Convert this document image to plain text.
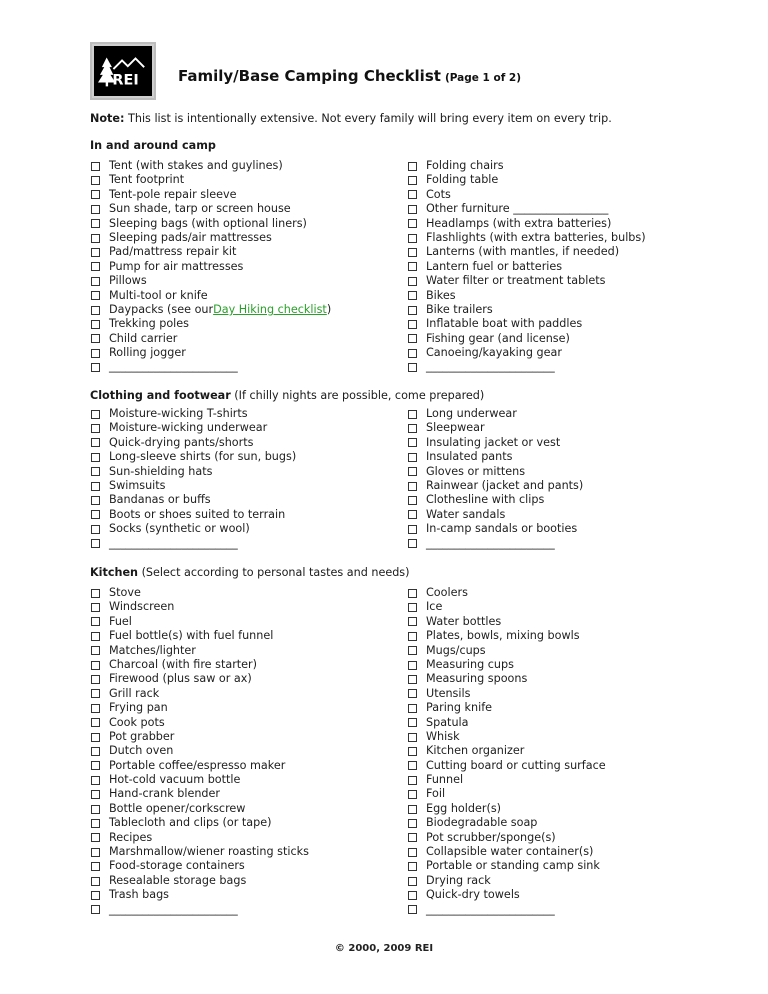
REI	Family/Base Camping Checklist (Page 1 of 2)
Note: This list is intentionally extensive. Not every family will bring every item on every trip.
In and around camp
Tent (with stakes and guylines)
Tent footprint
Tent-pole repair sleeve
Sun shade, tarp or screen house
Sleeping bags (with optional liners)
Sleeping pads/air mattresses
Pad/mattress repair kit
Pump for air mattresses
Pillows
Multi-tool or knife
Daypacks (see our Day Hiking checklist )
Trekking poles
Child carrier
Rolling jogger
_______________________
Folding chairs
Folding table
Cots
Other furniture _________________
Headlamps (with extra batteries)
Flashlights (with extra batteries, bulbs)
Lanterns (with mantles, if needed)
Lantern fuel or batteries
Water filter or treatment tablets
Bikes
Bike trailers
Inflatable boat with paddles
Fishing gear (and license)
Canoeing/kayaking gear
_______________________
Clothing and footwear (If chilly nights are possible, come prepared)
Moisture-wicking T-shirts
Moisture-wicking underwear
Quick-drying pants/shorts
Long-sleeve shirts (for sun, bugs)
Sun-shielding hats
Swimsuits
Bandanas or buffs
Boots or shoes suited to terrain
Socks (synthetic or wool)
_______________________
Long underwear
Sleepwear
Insulating jacket or vest
Insulated pants
Gloves or mittens
Rainwear (jacket and pants)
Clothesline with clips
Water sandals
In-camp sandals or booties
_______________________
Kitchen (Select according to personal tastes and needs)
Stove
Windscreen
Fuel
Fuel bottle(s) with fuel funnel
Matches/lighter
Charcoal (with fire starter)
Firewood (plus saw or ax)
Grill rack
Frying pan
Cook pots
Pot grabber
Dutch oven
Portable coffee/espresso maker
Hot-cold vacuum bottle
Hand-crank blender
Bottle opener/corkscrew
Tablecloth and clips (or tape)
Recipes
Marshmallow/wiener roasting sticks
Food-storage containers
Resealable storage bags
Trash bags
_______________________
Coolers
Ice
Water bottles
Plates, bowls, mixing bowls
Mugs/cups
Measuring cups
Measuring spoons
Utensils
Paring knife
Spatula
Whisk
Kitchen organizer
Cutting board or cutting surface
Funnel
Foil
Egg holder(s)
Biodegradable soap
Pot scrubber/sponge(s)
Collapsible water container(s)
Portable or standing camp sink
Drying rack
Quick-dry towels
_______________________
© 2000, 2009 REI
